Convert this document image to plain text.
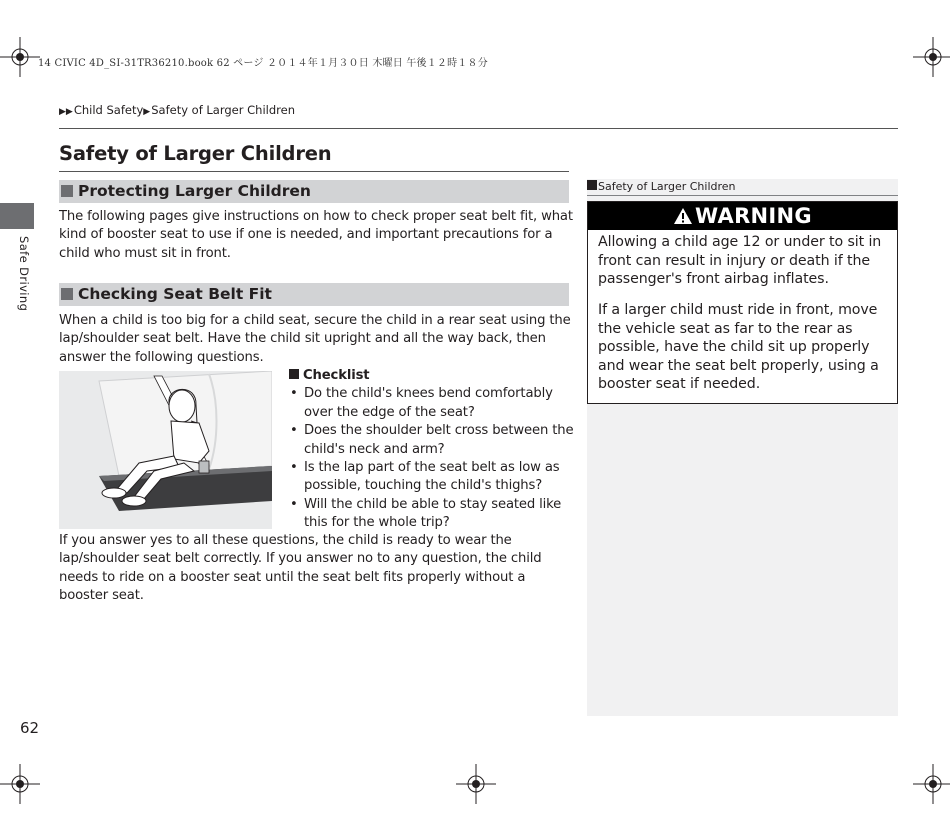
14 CIVIC 4D_SI-31TR36210.book 62 ページ ２０１４年１月３０日 木曜日 午後１２時１８分
▶▶Child Safety▶Safety of Larger Children
Safety of Larger Children
Safe Driving
Protecting Larger Children
The following pages give instructions on how to check proper seat belt fit, what kind of booster seat to use if one is needed, and important precautions for a child who must sit in front.
Checking Seat Belt Fit
When a child is too big for a child seat, secure the child in a rear seat using the lap/shoulder seat belt. Have the child sit upright and all the way back, then answer the following questions.
Checklist
• Do the child's knees bend comfortably over the edge of the seat?
• Does the shoulder belt cross between the child's neck and arm?
• Is the lap part of the seat belt as low as possible, touching the child's thighs?
• Will the child be able to stay seated like this for the whole trip?
If you answer yes to all these questions, the child is ready to wear the lap/shoulder seat belt correctly. If you answer no to any question, the child needs to ride on a booster seat until the seat belt fits properly without a booster seat.
Safety of Larger Children
WARNING
Allowing a child age 12 or under to sit in front can result in injury or death if the passenger's front airbag inflates.
If a larger child must ride in front, move the vehicle seat as far to the rear as possible, have the child sit up properly and wear the seat belt properly, using a booster seat if needed.
62
